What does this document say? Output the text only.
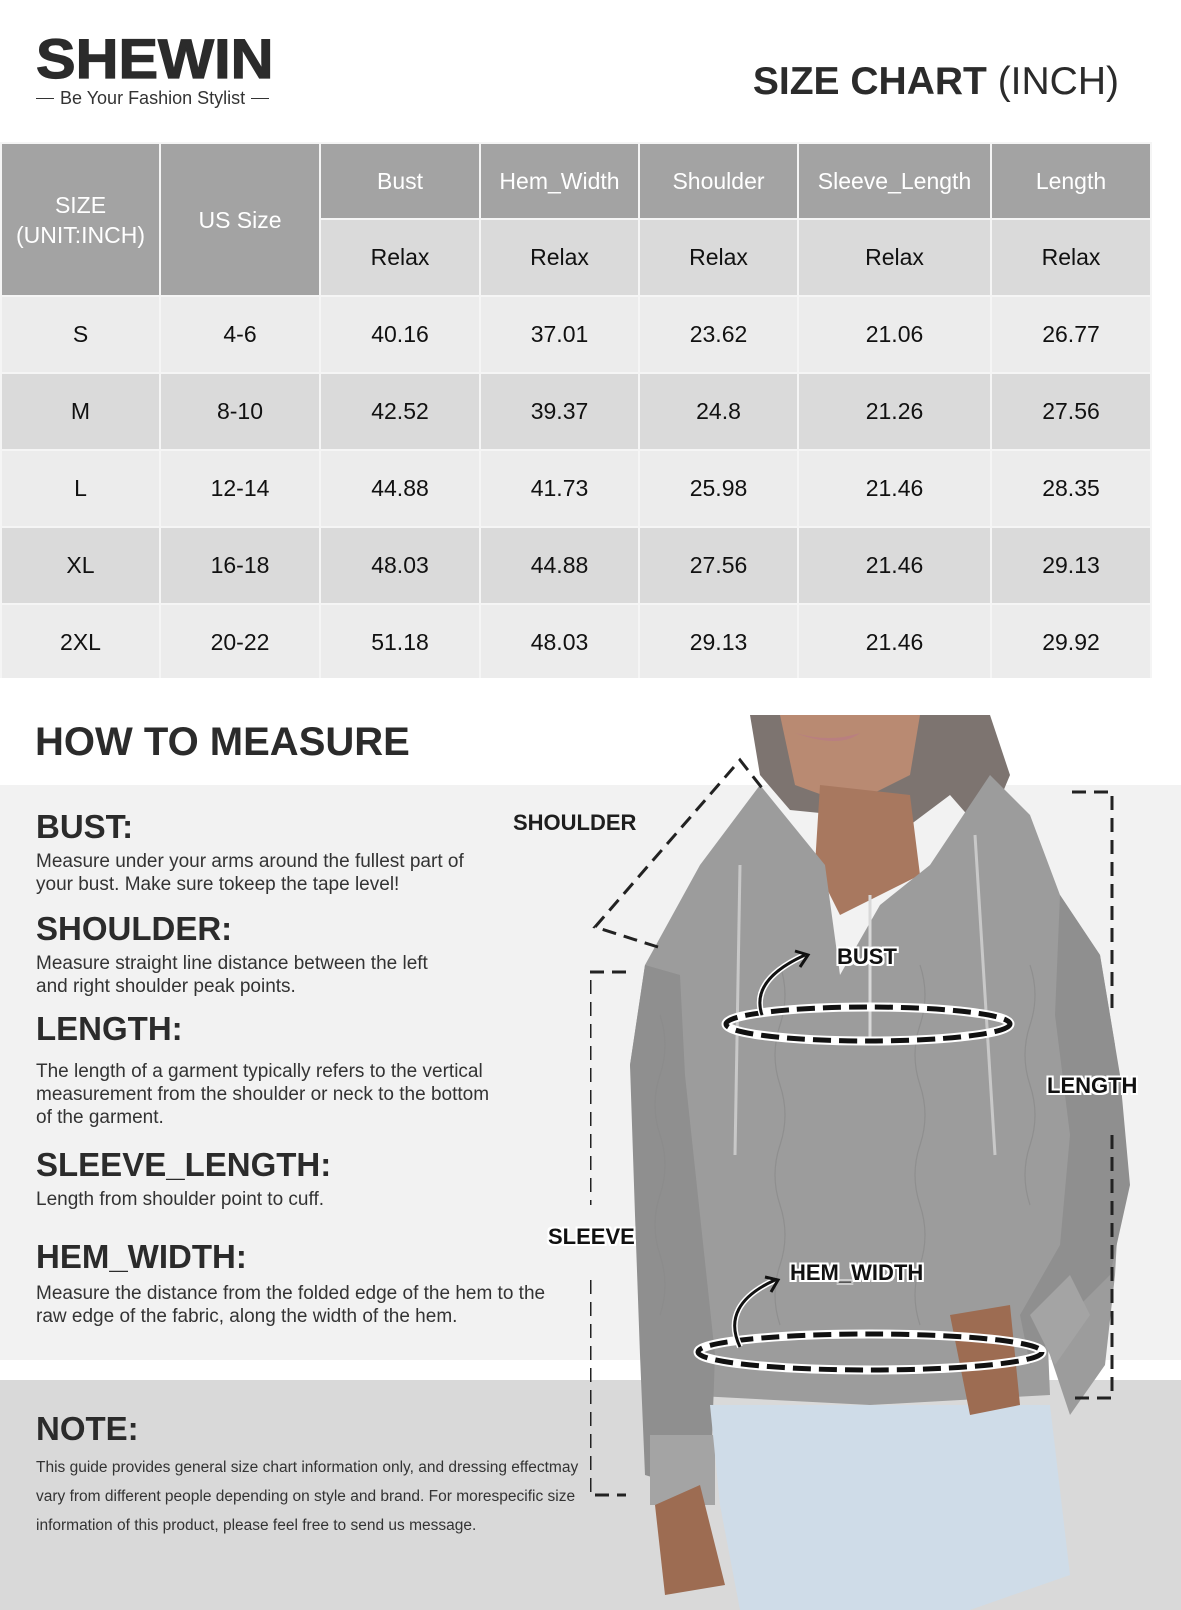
SHEWIN
Be Your Fashion Stylist	SIZE CHART (INCH)
SIZE
(UNIT:INCH)	US Size	Bust	Hem_Width	Shoulder	Sleeve_Length	Length
		Relax	Relax	Relax	Relax	Relax
S	4-6	40.16	37.01	23.62	21.06	26.77
M	8-10	42.52	39.37	24.8	21.26	27.56
L	12-14	44.88	41.73	25.98	21.46	28.35
XL	16-18	48.03	44.88	27.56	21.46	29.13
2XL	20-22	51.18	48.03	29.13	21.46	29.92
HOW TO MEASURE
BUST:
Measure under your arms around the fullest part of your bust. Make sure tokeep the tape level!
SHOULDER:
Measure straight line distance between the left and right shoulder peak points.
LENGTH:
The length of a garment typically refers to the vertical measurement from the shoulder or neck to the bottom of the garment.
SLEEVE_LENGTH:
Length from shoulder point to cuff.
HEM_WIDTH:
Measure the distance from the folded edge of the hem to the raw edge of the fabric, along the width of the hem.
NOTE:
This guide provides general size chart information only, and dressing effectmay vary from different people depending on style and brand. For morespecific size information of this product, please feel free to send us message.
SHOULDER
BUST
LENGTH
SLEEVE
HEM_WIDTH
